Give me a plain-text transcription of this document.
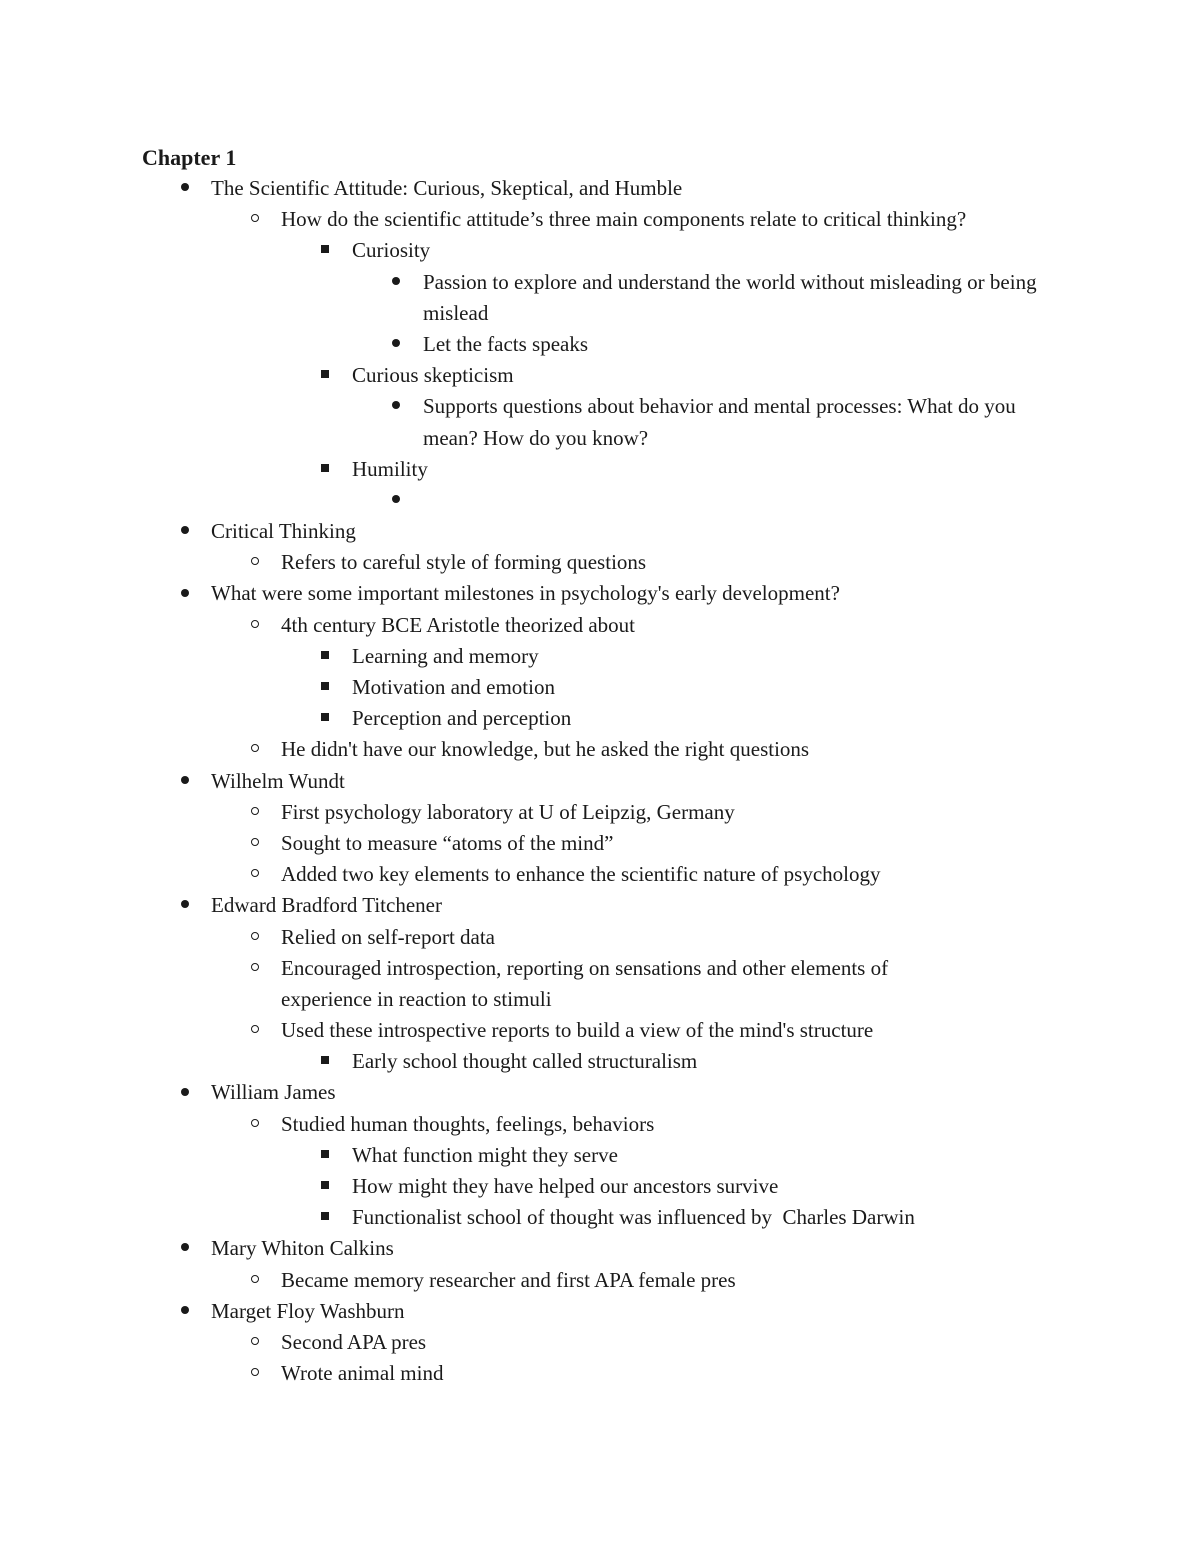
Chapter 1
The Scientific Attitude: Curious, Skeptical, and Humble
How do the scientific attitude’s three main components relate to critical thinking?
Curiosity
Passion to explore and understand the world without misleading or being mislead
Let the facts speaks
Curious skepticism
Supports questions about behavior and mental processes: What do you mean? How do you know?
Humility
Critical Thinking
Refers to careful style of forming questions
What were some important milestones in psychology's early development?
4th century BCE Aristotle theorized about
Learning and memory
Motivation and emotion
Perception and perception
He didn't have our knowledge, but he asked the right questions
Wilhelm Wundt
First psychology laboratory at U of Leipzig, Germany
Sought to measure “atoms of the mind”
Added two key elements to enhance the scientific nature of psychology
Edward Bradford Titchener
Relied on self-report data
Encouraged introspection, reporting on sensations and other elements of experience in reaction to stimuli
Used these introspective reports to build a view of the mind's structure
Early school thought called structuralism
William James
Studied human thoughts, feelings, behaviors
What function might they serve
How might they have helped our ancestors survive
Functionalist school of thought was influenced by  Charles Darwin
Mary Whiton Calkins
Became memory researcher and first APA female pres
Marget Floy Washburn
Second APA pres
Wrote animal mind
